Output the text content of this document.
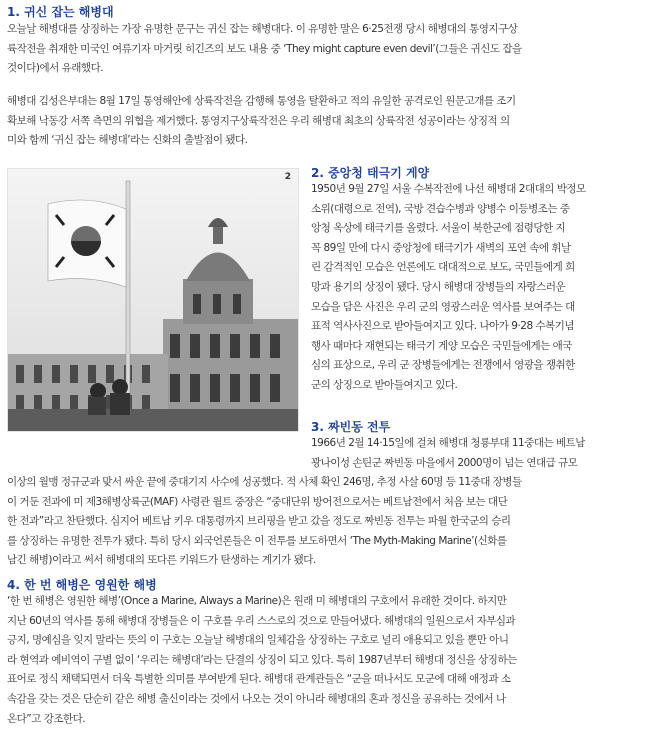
1. 귀신 잡는 해병대
오늘날 해병대를 상징하는 가장 유명한 문구는 귀신 잡는 해병대다. 이 유명한 말은 6·25전쟁 당시 해병대의 통영지구상
륙작전을 취재한 미국인 여류기자 마거릿 히긴즈의 보도 내용 중 ‘They might capture even devil’(그들은 귀신도 잡을
것이다)에서 유래했다.
해병대 김성은부대는 8월 17일 통영해안에 상륙작전을 감행해 통영을 탈환하고 적의 유일한 공격로인 원문고개를 조기
확보해 낙동강 서쪽 측면의 위협을 제거했다. 통영지구상륙작전은 우리 해병대 최초의 상륙작전 성공이라는 상징적 의
미와 함께 ‘귀신 잡는 해병대’라는 신화의 출발점이 됐다.
2 2. 중앙청 태극기 게양
1950년 9월 27일 서울 수복작전에 나선 해병대 2대대의 박정모
소위(대령으로 전역), 국방 견습수병과 양병수 이등병조는 중
앙청 옥상에 태극기를 올렸다. 서울이 북한군에 점령당한 지
꼭 89일 만에 다시 중앙청에 태극기가 새벽의 포연 속에 휘날
린 감격적인 모습은 언론에도 대대적으로 보도, 국민들에게 희
망과 용기의 상징이 됐다. 당시 해병대 장병들의 자랑스러운
모습을 담은 사진은 우리 군의 영광스러운 역사를 보여주는 대
표적 역사사진으로 받아들여지고 있다. 나아가 9·28 수복기념
행사 때마다 재현되는 태극기 게양 모습은 국민들에게는 애국
심의 표상으로, 우리 군 장병들에게는 전쟁에서 영광을 쟁취한
군의 상징으로 받아들여지고 있다.
3. 짜빈동 전투
1966년 2월 14·15일에 걸쳐 해병대 청룡부대 11중대는 베트남
꽝나이성 손틴군 짜빈동 마을에서 2000명이 넘는 연대급 규모
이상의 월맹 정규군과 맞서 싸운 끝에 중대기지 사수에 성공했다. 적 사체 확인 246명, 추정 사살 60명 등 11중대 장병들
이 거둔 전과에 미 제3해병상륙군(MAF) 사령관 월트 중장은 “중대단위 방어전으로서는 베트남전에서 처음 보는 대단
한 전과”라고 찬탄했다. 심지어 베트남 키우 대통령까지 브리핑을 받고 갔을 정도로 짜빈동 전투는 파월 한국군의 승리
를 상징하는 유명한 전투가 됐다. 특히 당시 외국언론들은 이 전투를 보도하면서 ‘The Myth-Making Marine’(신화를
남긴 해병)이라고 써서 해병대의 또다른 키워드가 탄생하는 계기가 됐다.
4. 한 번 해병은 영원한 해병
‘한 번 해병은 영원한 해병’(Once a Marine, Always a Marine)은 원래 미 해병대의 구호에서 유래한 것이다. 하지만
지난 60년의 역사를 통해 해병대 장병들은 이 구호를 우리 스스로의 것으로 만들어냈다. 해병대의 일원으로서 자부심과
긍지, 명예심을 잊지 말라는 뜻의 이 구호는 오늘날 해병대의 일체감을 상징하는 구호로 널리 애용되고 있을 뿐만 아니
라 현역과 예비역이 구별 없이 ‘우리는 해병대’라는 단결의 상징이 되고 있다. 특히 1987년부터 해병대 정신을 상징하는
표어로 정식 채택되면서 더욱 특별한 의미를 부여받게 된다. 해병대 관계관들은 “군을 떠나서도 모군에 대해 애정과 소
속감을 갖는 것은 단순히 같은 해병 출신이라는 것에서 나오는 것이 아니라 해병대의 혼과 정신을 공유하는 것에서 나
온다”고 강조한다.
